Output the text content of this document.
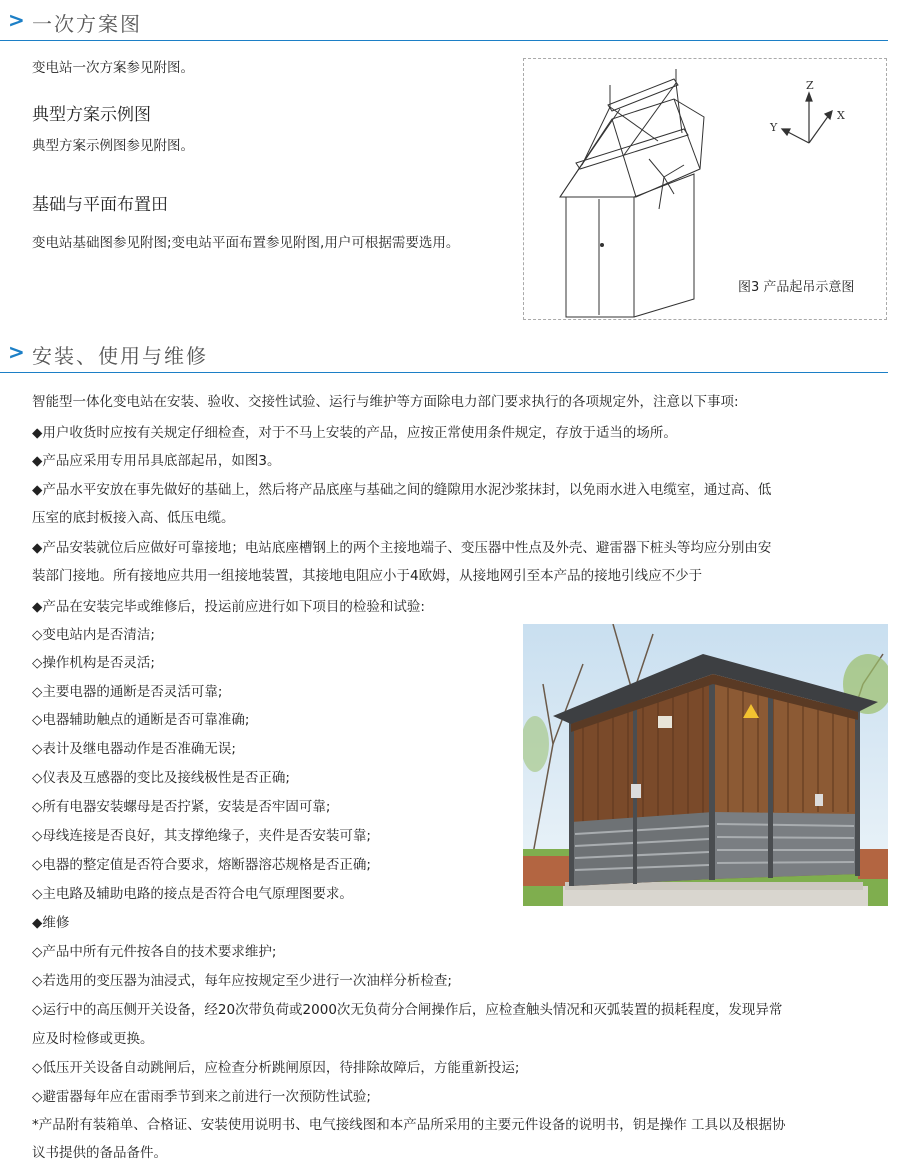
> 一次方案图
变电站一次方案参见附图。
典型方案示例图
典型方案示例图参见附图。
基础与平面布置田
变电站基础图参见附图;变电站平面布置参见附图,用户可根据需要选用。
Z
Y
X
图3 产品起吊示意图
> 安装、使用与维修
智能型一体化变电站在安装、验收、交接性试验、运行与维护等方面除电力部门要求执行的各项规定外，注意以下事项:
◆用户收货时应按有关规定仔细检查，对于不马上安装的产品，应按正常使用条件规定，存放于适当的场所。
◆产品应采用专用吊具底部起吊，如图3。
◆产品水平安放在事先做好的基础上，然后将产品底座与基础之间的缝隙用水泥沙浆抹封，以免雨水进入电缆室，通过高、低
压室的底封板接入高、低压电缆。
◆产品安装就位后应做好可靠接地；电站底座槽钢上的两个主接地端子、变压器中性点及外壳、避雷器下桩头等均应分别由安
装部门接地。所有接地应共用一组接地装置，其接地电阻应小于4欧姆，从接地网引至本产品的接地引线应不少于
◆产品在安装完毕或维修后，投运前应进行如下项目的检验和试验:
◇变电站内是否清洁;
◇操作机构是否灵活;
◇主要电器的通断是否灵活可靠;
◇电器辅助触点的通断是否可靠准确;
◇表计及继电器动作是否准确无误;
◇仪表及互感器的变比及接线极性是否正确;
◇所有电器安装螺母是否拧紧，安装是否牢固可靠;
◇母线连接是否良好，其支撑绝缘子，夹件是否安装可靠;
◇电器的整定值是否符合要求，熔断器溶芯规格是否正确;
◇主电路及辅助电路的接点是否符合电气原理图要求。
◆维修
◇产品中所有元件按各自的技术要求维护;
◇若选用的变压器为油浸式，每年应按规定至少进行一次油样分析检查;
◇运行中的高压侧开关设备，经20次带负荷或2000次无负荷分合闸操作后，应检查触头情况和灭弧装置的损耗程度，发现异常
应及时检修或更换。
◇低压开关设备自动跳闸后，应检查分析跳闸原因，待排除故障后，方能重新投运;
◇避雷器每年应在雷雨季节到来之前进行一次预防性试验;
*产品附有装箱单、合格证、安装使用说明书、电气接线图和本产品所采用的主要元件设备的说明书，钥是操作 工具以及根据协
议书提供的备品备件。
